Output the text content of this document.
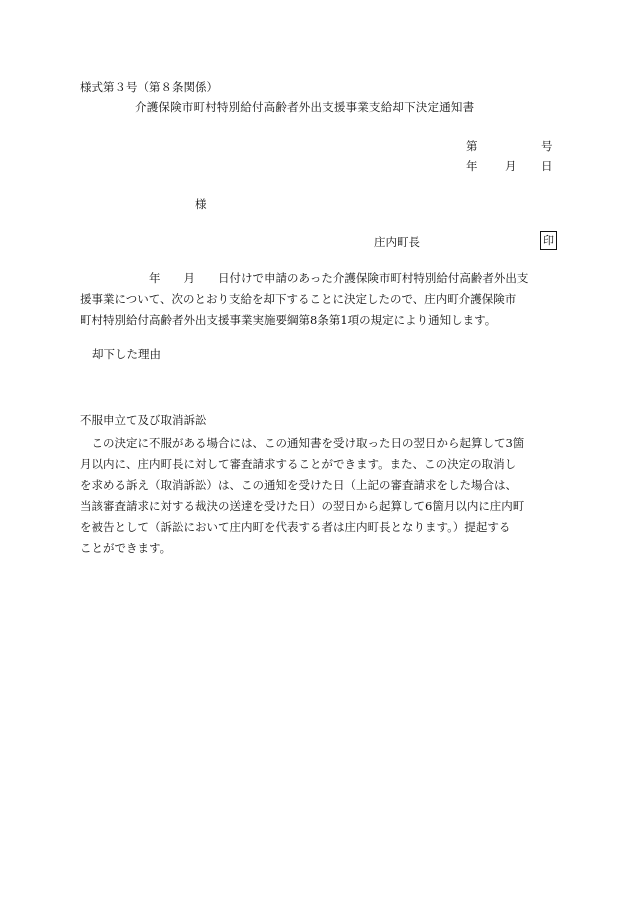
様式第３号（第８条関係）
介護保険市町村特別給付高齢者外出支援事業支給却下決定通知書
第	号
年 月 日
様
庄内町長	印
　　　　　　年　　月　　日付けで申請のあった介護保険市町村特別給付高齢者外出支
援事業について、次のとおり支給を却下することに決定したので、庄内町介護保険市
町村特別給付高齢者外出支援事業実施要綱第8条第1項の規定により通知します。
却下した理由
不服申立て及び取消訴訟
　この決定に不服がある場合には、この通知書を受け取った日の翌日から起算して3箇
月以内に、庄内町長に対して審査請求することができます。また、この決定の取消し
を求める訴え（取消訴訟）は、この通知を受けた日（上記の審査請求をした場合は、
当該審査請求に対する裁決の送達を受けた日）の翌日から起算して6箇月以内に庄内町
を被告として（訴訟において庄内町を代表する者は庄内町長となります。）提起する
ことができます。
